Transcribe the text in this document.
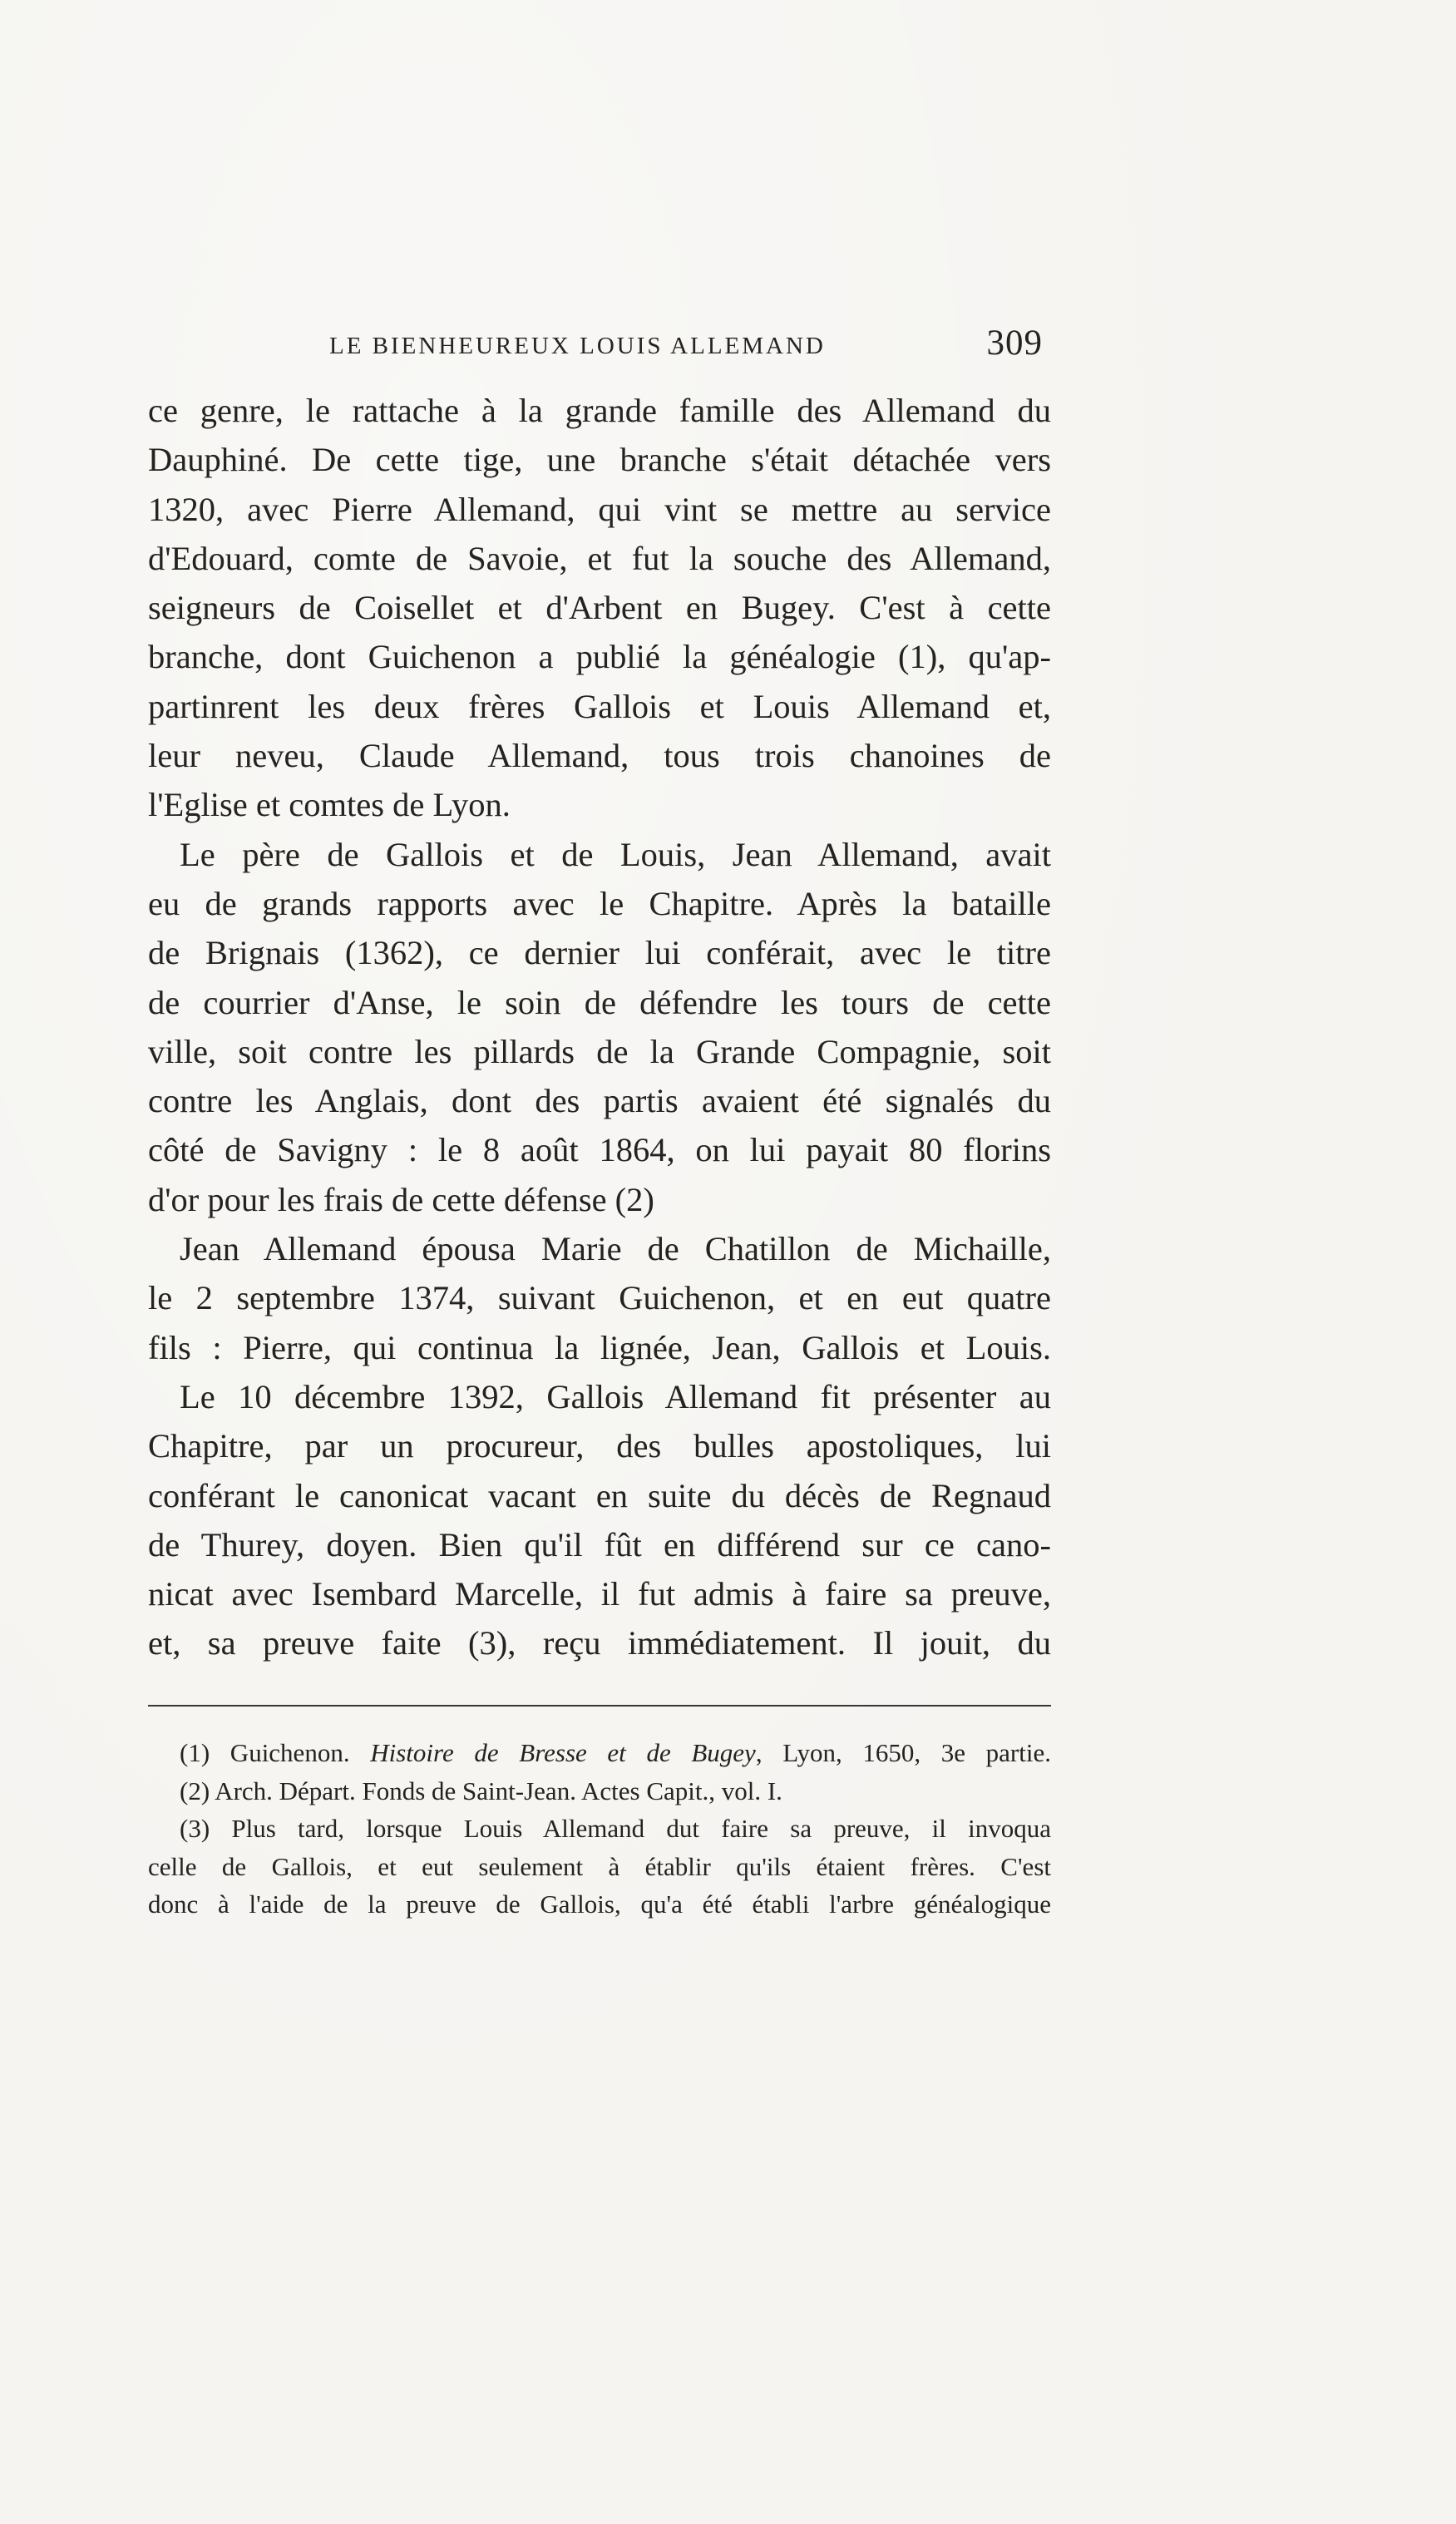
LE BIENHEUREUX LOUIS ALLEMAND	309
ce genre, le rattache à la grande famille des Allemand du
Dauphiné. De cette tige, une branche s'était détachée vers
1320, avec Pierre Allemand, qui vint se mettre au service
d'Edouard, comte de Savoie, et fut la souche des Allemand,
seigneurs de Coisellet et d'Arbent en Bugey. C'est à cette
branche, dont Guichenon a publié la généalogie (1), qu'ap-
partinrent les deux frères Gallois et Louis Allemand et,
leur neveu, Claude Allemand, tous trois chanoines de
l'Eglise et comtes de Lyon.
Le père de Gallois et de Louis, Jean Allemand, avait
eu de grands rapports avec le Chapitre. Après la bataille
de Brignais (1362), ce dernier lui conférait, avec le titre
de courrier d'Anse, le soin de défendre les tours de cette
ville, soit contre les pillards de la Grande Compagnie, soit
contre les Anglais, dont des partis avaient été signalés du
côté de Savigny : le 8 août 1864, on lui payait 80 florins
d'or pour les frais de cette défense (2)
Jean Allemand épousa Marie de Chatillon de Michaille,
le 2 septembre 1374, suivant Guichenon, et en eut quatre
fils : Pierre, qui continua la lignée, Jean, Gallois et Louis.
Le 10 décembre 1392, Gallois Allemand fit présenter au
Chapitre, par un procureur, des bulles apostoliques, lui
conférant le canonicat vacant en suite du décès de Regnaud
de Thurey, doyen. Bien qu'il fût en différend sur ce cano-
nicat avec Isembard Marcelle, il fut admis à faire sa preuve,
et, sa preuve faite (3), reçu immédiatement. Il jouit, du
(1) Guichenon. Histoire de Bresse et de Bugey, Lyon, 1650, 3e partie.
(2) Arch. Départ. Fonds de Saint-Jean. Actes Capit., vol. I.
(3) Plus tard, lorsque Louis Allemand dut faire sa preuve, il invoqua
celle de Gallois, et eut seulement à établir qu'ils étaient frères. C'est
donc à l'aide de la preuve de Gallois, qu'a été établi l'arbre généalogique
